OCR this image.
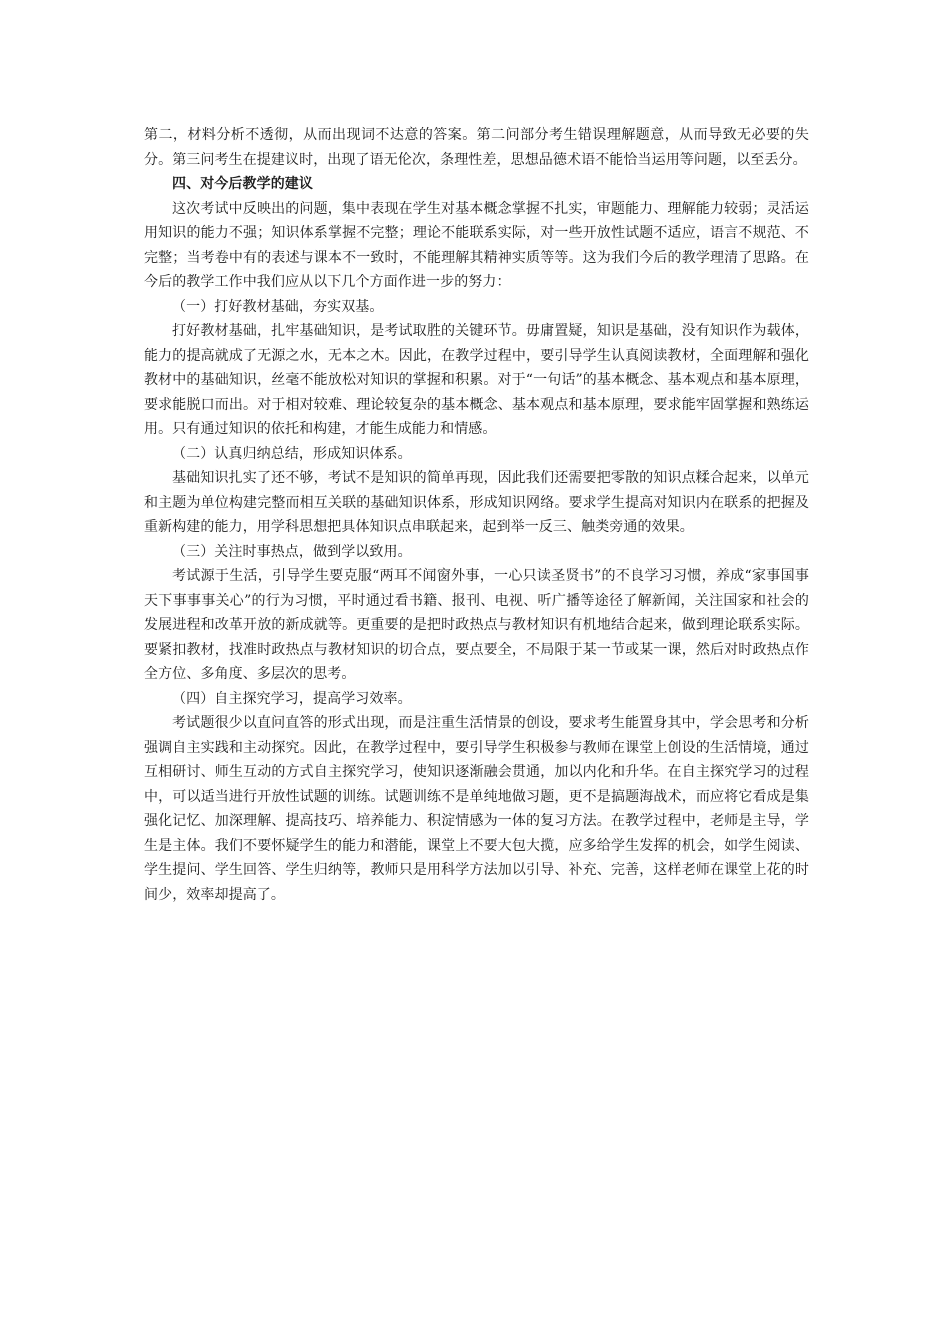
第二，材料分析不透彻，从而出现词不达意的答案。第二问部分考生错误理解题意，从而导致无必要的失分。第三问考生在提建议时，出现了语无伦次，条理性差，思想品德术语不能恰当运用等问题，以至丢分。

四、对今后教学的建议

这次考试中反映出的问题，集中表现在学生对基本概念掌握不扎实，审题能力、理解能力较弱；灵活运用知识的能力不强；知识体系掌握不完整；理论不能联系实际，对一些开放性试题不适应，语言不规范、不完整；当考卷中有的表述与课本不一致时，不能理解其精神实质等等。这为我们今后的教学理清了思路。在今后的教学工作中我们应从以下几个方面作进一步的努力：

（一）打好教材基础，夯实双基。

打好教材基础，扎牢基础知识，是考试取胜的关键环节。毋庸置疑，知识是基础，没有知识作为载体，能力的提高就成了无源之水，无本之木。因此，在教学过程中，要引导学生认真阅读教材，全面理解和强化教材中的基础知识，丝毫不能放松对知识的掌握和积累。对于“一句话”的基本概念、基本观点和基本原理，要求能脱口而出。对于相对较难、理论较复杂的基本概念、基本观点和基本原理，要求能牢固掌握和熟练运用。只有通过知识的依托和构建，才能生成能力和情感。

（二）认真归纳总结，形成知识体系。

基础知识扎实了还不够，考试不是知识的简单再现，因此我们还需要把零散的知识点糅合起来，以单元和主题为单位构建完整而相互关联的基础知识体系，形成知识网络。要求学生提高对知识内在联系的把握及重新构建的能力，用学科思想把具体知识点串联起来，起到举一反三、触类旁通的效果。

（三）关注时事热点，做到学以致用。

考试源于生活，引导学生要克服“两耳不闻窗外事，一心只读圣贤书”的不良学习习惯，养成“家事国事天下事事事关心”的行为习惯，平时通过看书籍、报刊、电视、听广播等途径了解新闻，关注国家和社会的发展进程和改革开放的新成就等。更重要的是把时政热点与教材知识有机地结合起来，做到理论联系实际。要紧扣教材，找准时政热点与教材知识的切合点，要点要全，不局限于某一节或某一课，然后对时政热点作全方位、多角度、多层次的思考。

（四）自主探究学习，提高学习效率。

考试题很少以直问直答的形式出现，而是注重生活情景的创设，要求考生能置身其中，学会思考和分析强调自主实践和主动探究。因此，在教学过程中，要引导学生积极参与教师在课堂上创设的生活情境，通过互相研讨、师生互动的方式自主探究学习，使知识逐渐融会贯通，加以内化和升华。在自主探究学习的过程中，可以适当进行开放性试题的训练。试题训练不是单纯地做习题，更不是搞题海战术，而应将它看成是集强化记忆、加深理解、提高技巧、培养能力、积淀情感为一体的复习方法。在教学过程中，老师是主导，学生是主体。我们不要怀疑学生的能力和潜能，课堂上不要大包大揽，应多给学生发挥的机会，如学生阅读、学生提问、学生回答、学生归纳等，教师只是用科学方法加以引导、补充、完善，这样老师在课堂上花的时间少，效率却提高了。
